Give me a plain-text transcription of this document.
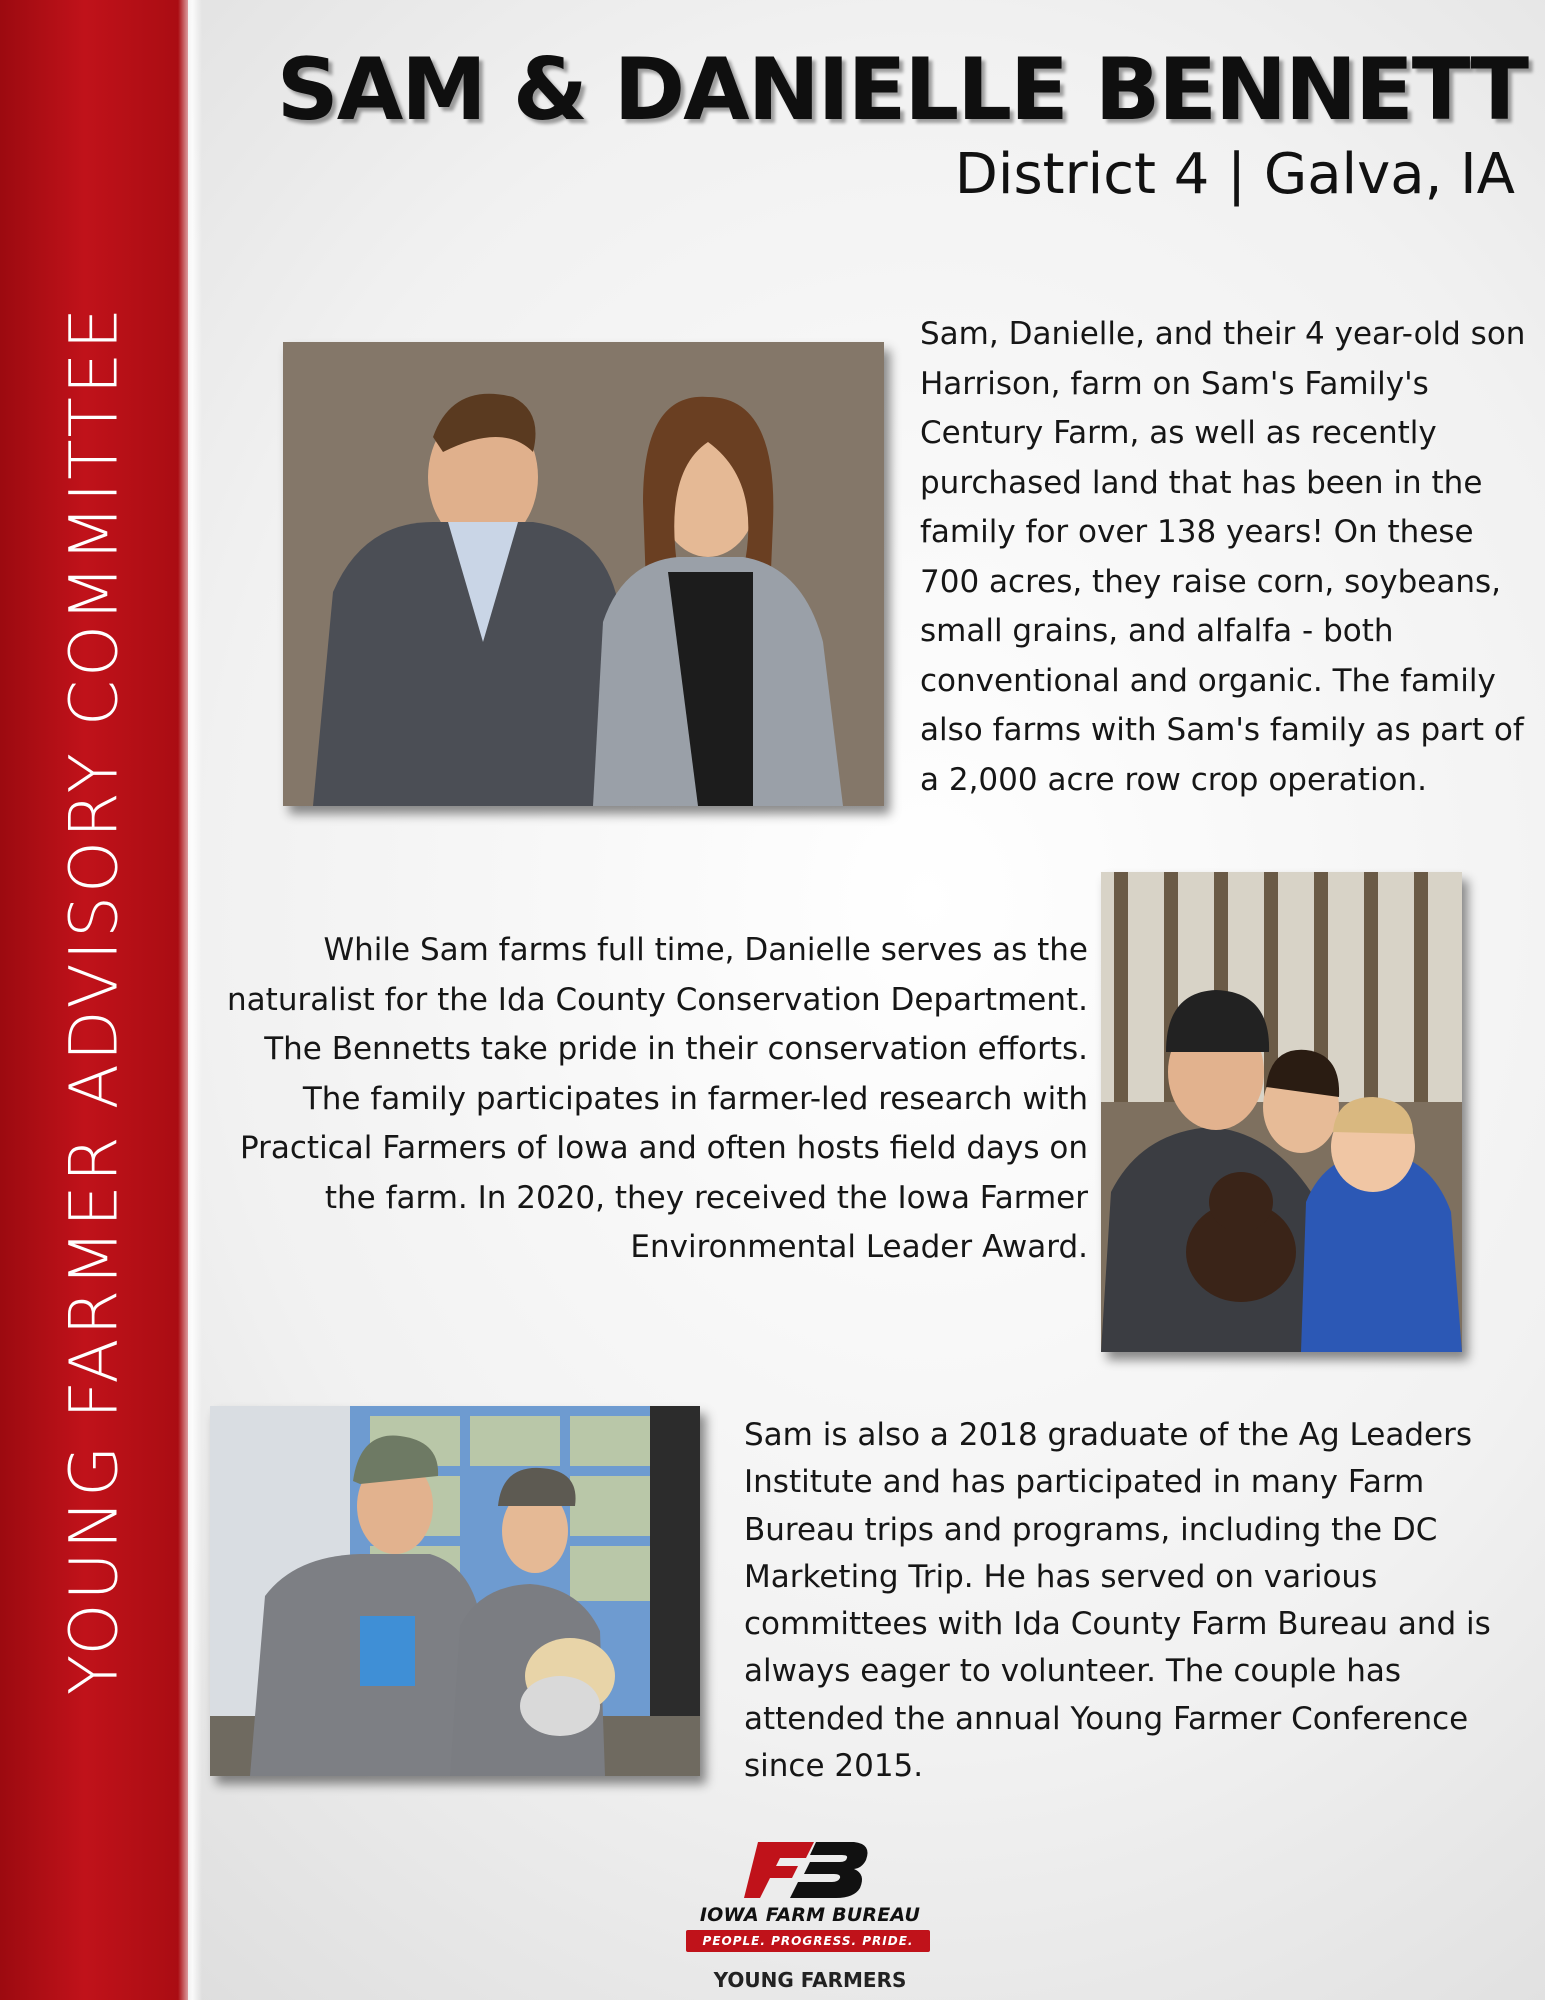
YOUNG FARMER ADVISORY COMMITTEE
SAM & DANIELLE BENNETT
District 4 | Galva, IA
Sam, Danielle, and their 4 year-old son Harrison, farm on Sam's Family's Century Farm, as well as recently purchased land that has been in the family for over 138 years! On these 700 acres, they raise corn, soybeans, small grains, and alfalfa - both conventional and organic. The family also farms with Sam's family as part of a 2,000 acre row crop operation.
While Sam farms full time, Danielle serves as the naturalist for the Ida County Conservation Department. The Bennetts take pride in their conservation efforts. The family participates in farmer-led research with Practical Farmers of Iowa and often hosts field days on the farm. In 2020, they received the Iowa Farmer Environmental Leader Award.
Sam is also a 2018 graduate of the Ag Leaders Institute and has participated in many Farm Bureau trips and programs, including the DC Marketing Trip. He has served on various committees with Ida County Farm Bureau and is always eager to volunteer. The couple has attended the annual Young Farmer Conference since 2015.
IOWA FARM BUREAU
PEOPLE. PROGRESS. PRIDE.
YOUNG FARMERS
